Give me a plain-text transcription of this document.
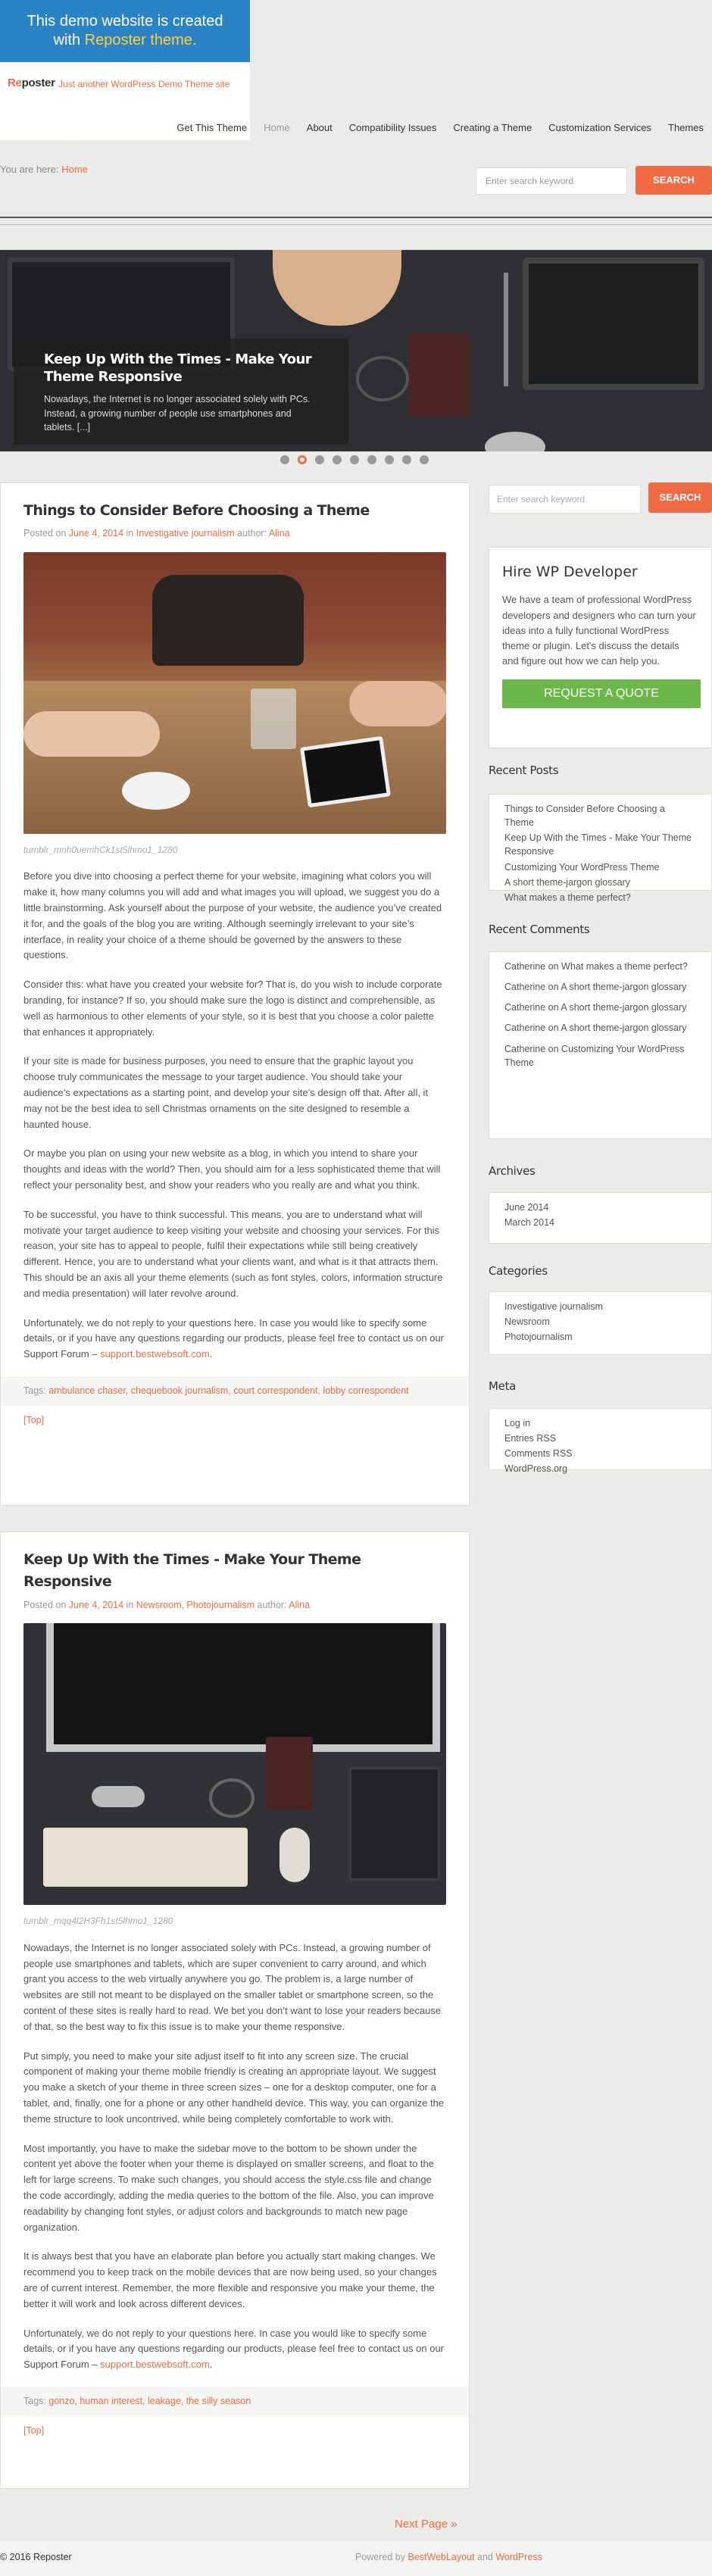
This demo website is created
with Reposter theme.
Reposter Just another WordPress Demo Theme site
Get This Theme	Home	About	Compatibility Issues	Creating a Theme	Customization Services	Themes
You are here: Home
Enter search keyword	SEARCH
Keep Up With the Times - Make Your Theme Responsive
Nowadays, the Internet is no longer associated solely with PCs. Instead, a growing number of people use smartphones and tablets. [...]
Things to Consider Before Choosing a Theme
Posted on June 4, 2014 in Investigative journalism author: Alina
tumblr_mnh0uemhCk1st5lhmo1_1280

Before you dive into choosing a perfect theme for your website, imagining what colors you will make it, how many columns you will add and what images you will upload, we suggest you do a little brainstorming. Ask yourself about the purpose of your website, the audience you’ve created it for, and the goals of the blog you are writing. Although seemingly irrelevant to your site’s interface, in reality your choice of a theme should be governed by the answers to these questions.

Consider this: what have you created your website for? That is, do you wish to include corporate branding, for instance? If so, you should make sure the logo is distinct and comprehensible, as well as harmonious to other elements of your style, so it is best that you choose a color palette that enhances it appropriately.

If your site is made for business purposes, you need to ensure that the graphic layout you choose truly communicates the message to your target audience. You should take your audience’s expectations as a starting point, and develop your site’s design off that. After all, it may not be the best idea to sell Christmas ornaments on the site designed to resemble a haunted house.

Or maybe you plan on using your new website as a blog, in which you intend to share your thoughts and ideas with the world? Then, you should aim for a less sophisticated theme that will reflect your personality best, and show your readers who you really are and what you think.

To be successful, you have to think successful. This means, you are to understand what will motivate your target audience to keep visiting your website and choosing your services. For this reason, your site has to appeal to people, fulfil their expectations while still being creatively different. Hence, you are to understand what your clients want, and what is it that attracts them. This should be an axis all your theme elements (such as font styles, colors, information structure and media presentation) will later revolve around.

Unfortunately, we do not reply to your questions here. In case you would like to specify some details, or if you have any questions regarding our products, please feel free to contact us on our Support Forum – support.bestwebsoft.com.

Tags: ambulance chaser, chequebook journalism, court correspondent, lobby correspondent
[Top]
Keep Up With the Times - Make Your Theme Responsive
Posted on June 4, 2014 in Newsroom, Photojournalism author: Alina
tumblr_mqq4l2H3Fh1st5lhmo1_1280

Nowadays, the Internet is no longer associated solely with PCs. Instead, a growing number of people use smartphones and tablets, which are super convenient to carry around, and which grant you access to the web virtually anywhere you go. The problem is, a large number of websites are still not meant to be displayed on the smaller tablet or smartphone screen, so the content of these sites is really hard to read. We bet you don’t want to lose your readers because of that, so the best way to fix this issue is to make your theme responsive.

Put simply, you need to make your site adjust itself to fit into any screen size. The crucial component of making your theme mobile friendly is creating an appropriate layout. We suggest you make a sketch of your theme in three screen sizes – one for a desktop computer, one for a tablet, and, finally, one for a phone or any other handheld device. This way, you can organize the theme structure to look uncontrived, while being completely comfortable to work with.

Most importantly, you have to make the sidebar move to the bottom to be shown under the content yet above the footer when your theme is displayed on smaller screens, and float to the left for large screens. To make such changes, you should access the style.css file and change the code accordingly, adding the media queries to the bottom of the file. Also, you can improve readability by changing font styles, or adjust colors and backgrounds to match new page organization.

It is always best that you have an elaborate plan before you actually start making changes. We recommend you to keep track on the mobile devices that are now being used, so your changes are of current interest. Remember, the more flexible and responsive you make your theme, the better it will work and look across different devices.

Unfortunately, we do not reply to your questions here. In case you would like to specify some details, or if you have any questions regarding our products, please feel free to contact us on our Support Forum – support.bestwebsoft.com.

Tags: gonzo, human interest, leakage, the silly season
[Top]
Next Page »
© 2016 Reposter	Powered by BestWebLayout and WordPress
Enter search keyword	SEARCH
Hire WP Developer
We have a team of professional WordPress developers and designers who can turn your ideas into a fully functional WordPress theme or plugin. Let's discuss the details and figure out how we can help you.
REQUEST A QUOTE
Recent Posts
Things to Consider Before Choosing a Theme
Keep Up With the Times - Make Your Theme Responsive
Customizing Your WordPress Theme
A short theme-jargon glossary
What makes a theme perfect?
Recent Comments
Catherine on What makes a theme perfect?
Catherine on A short theme-jargon glossary
Catherine on A short theme-jargon glossary
Catherine on A short theme-jargon glossary
Catherine on Customizing Your WordPress Theme
Archives
June 2014
March 2014
Categories
Investigative journalism
Newsroom
Photojournalism
Meta
Log in
Entries RSS
Comments RSS
WordPress.org
